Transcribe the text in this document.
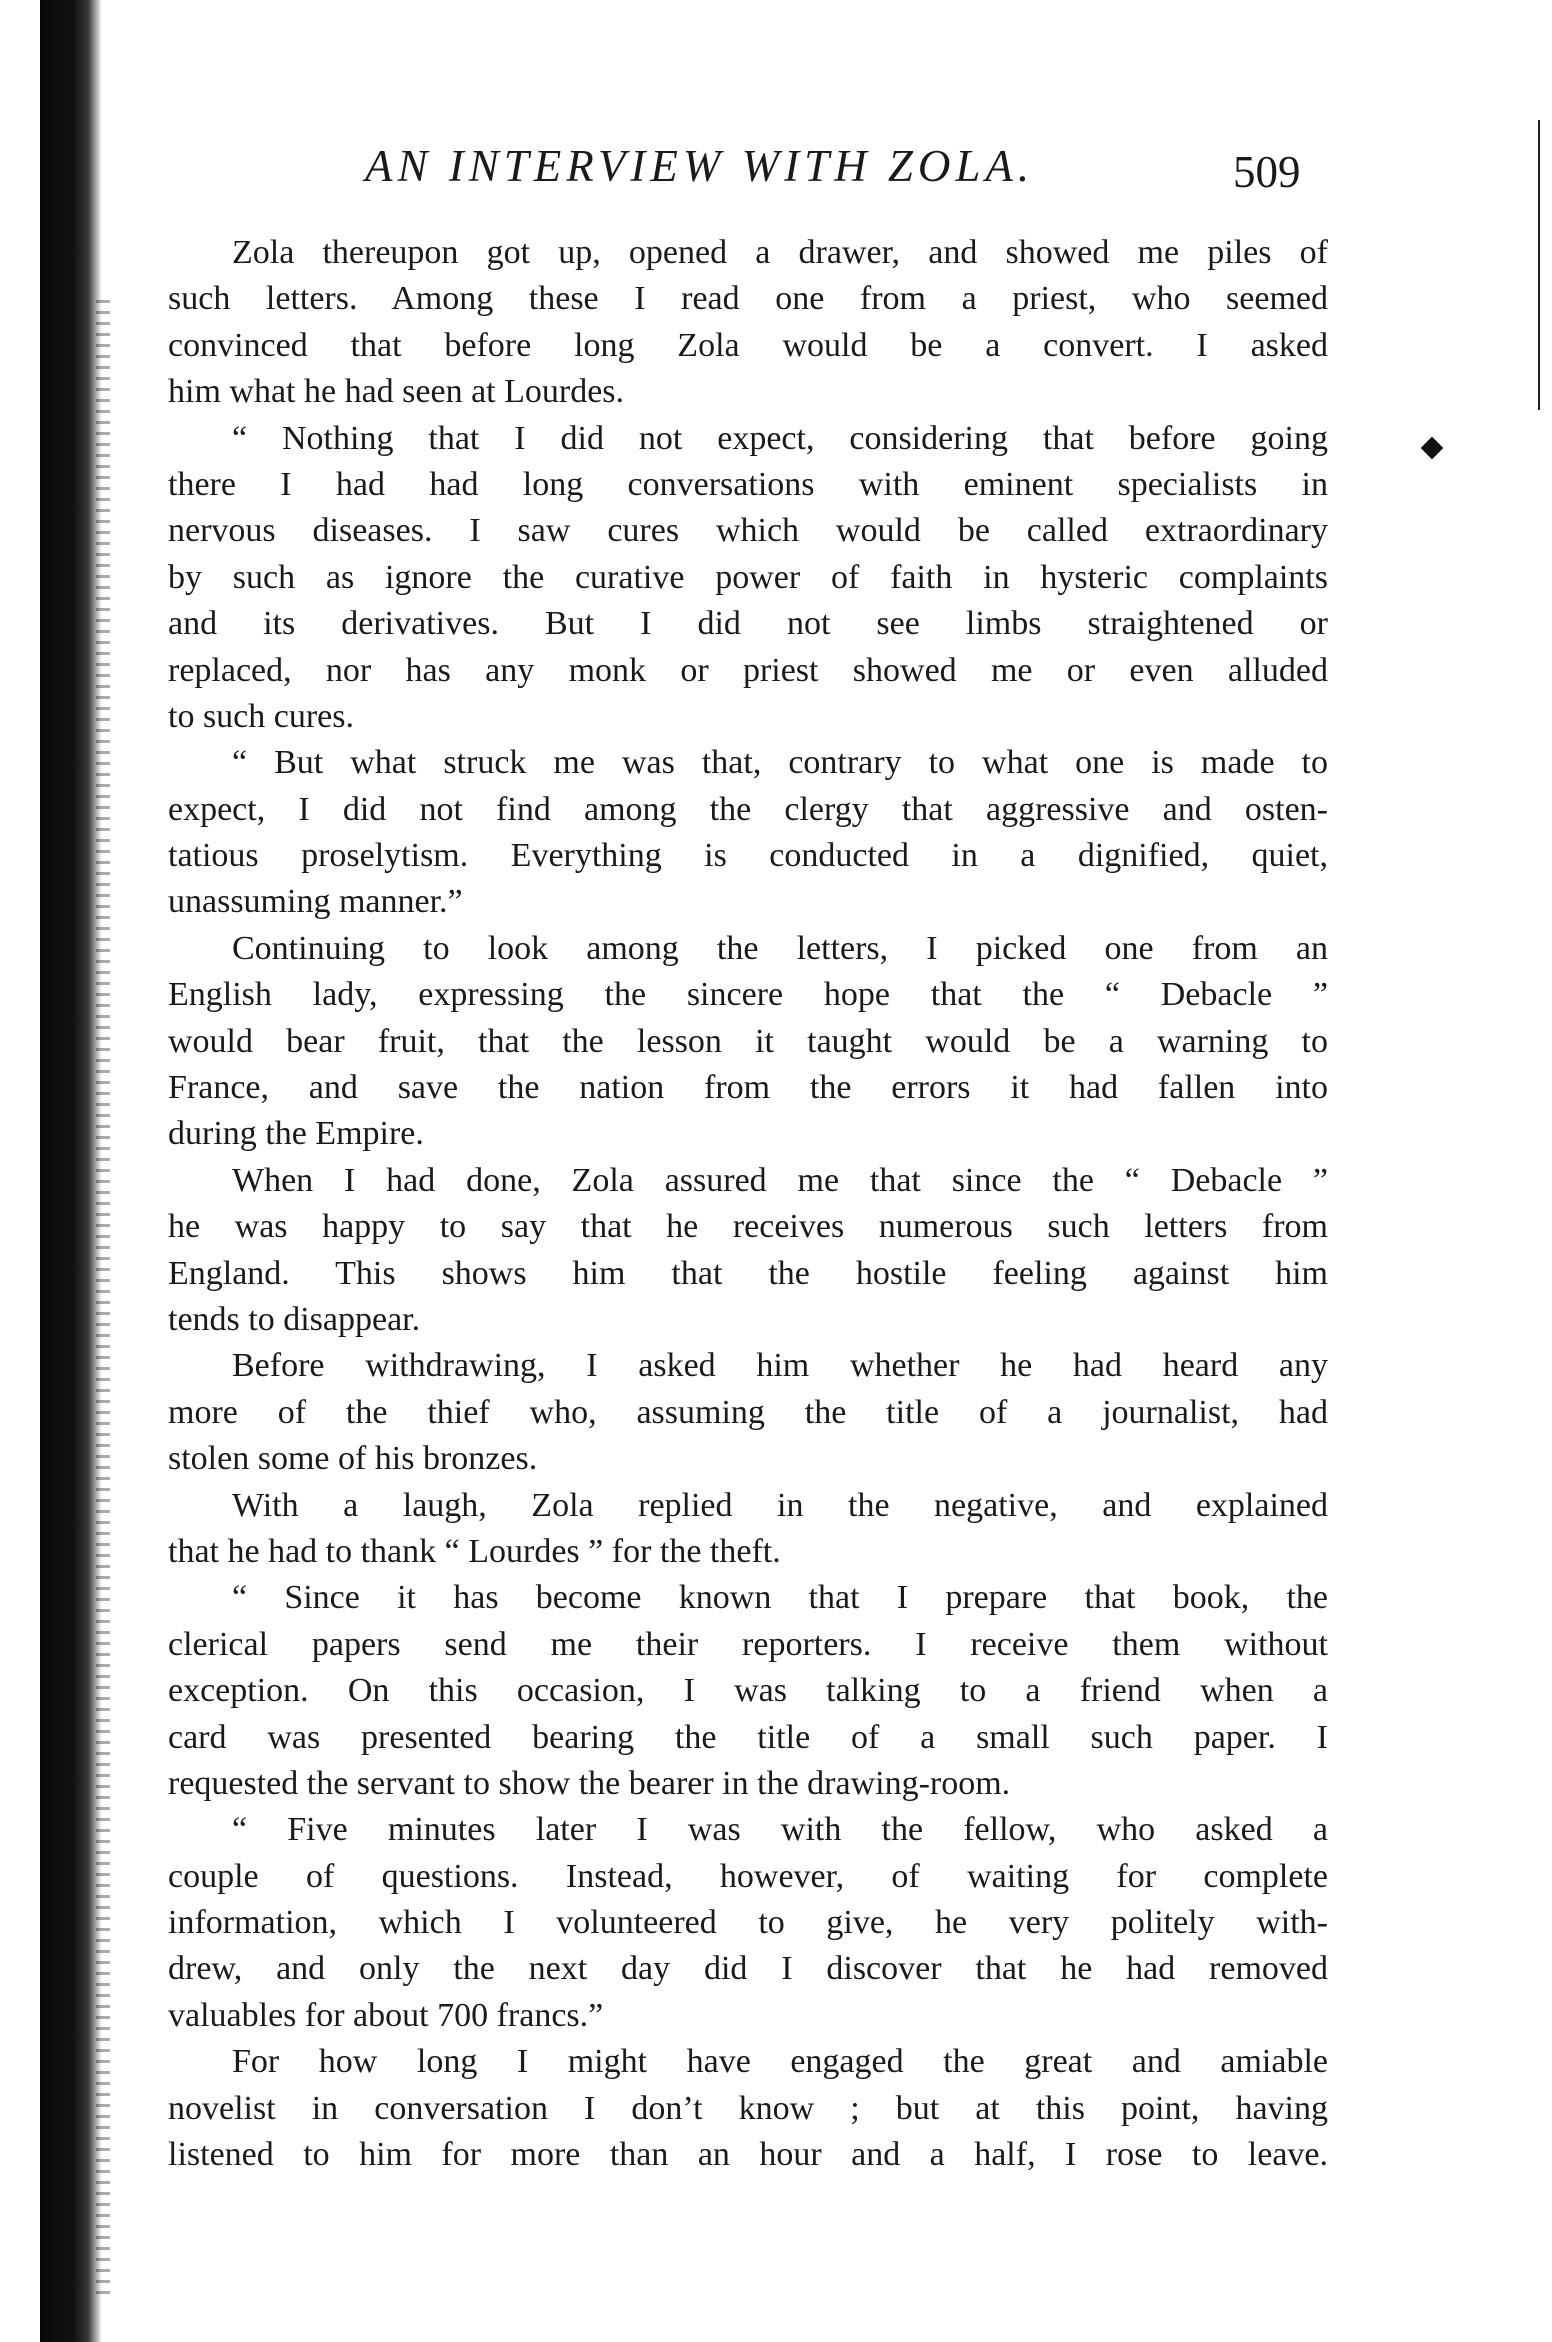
AN INTERVIEW WITH ZOLA.	509
Zola thereupon got up, opened a drawer, and showed me piles of
such letters. Among these I read one from a priest, who seemed
convinced that before long Zola would be a convert. I asked
him what he had seen at Lourdes.
“ Nothing that I did not expect, considering that before going
there I had had long conversations with eminent specialists in
nervous diseases. I saw cures which would be called extraordinary
by such as ignore the curative power of faith in hysteric complaints
and its derivatives. But I did not see limbs straightened or
replaced, nor has any monk or priest showed me or even alluded
to such cures.
“ But what struck me was that, contrary to what one is made to
expect, I did not find among the clergy that aggressive and osten-
tatious proselytism. Everything is conducted in a dignified, quiet,
unassuming manner.”
Continuing to look among the letters, I picked one from an
English lady, expressing the sincere hope that the “ Debacle ”
would bear fruit, that the lesson it taught would be a warning to
France, and save the nation from the errors it had fallen into
during the Empire.
When I had done, Zola assured me that since the “ Debacle ”
he was happy to say that he receives numerous such letters from
England. This shows him that the hostile feeling against him
tends to disappear.
Before withdrawing, I asked him whether he had heard any
more of the thief who, assuming the title of a journalist, had
stolen some of his bronzes.
With a laugh, Zola replied in the negative, and explained
that he had to thank “ Lourdes ” for the theft.
“ Since it has become known that I prepare that book, the
clerical papers send me their reporters. I receive them without
exception. On this occasion, I was talking to a friend when a
card was presented bearing the title of a small such paper. I
requested the servant to show the bearer in the drawing-room.
“ Five minutes later I was with the fellow, who asked a
couple of questions. Instead, however, of waiting for complete
information, which I volunteered to give, he very politely with-
drew, and only the next day did I discover that he had removed
valuables for about 700 francs.”
For how long I might have engaged the great and amiable
novelist in conversation I don’t know ; but at this point, having
listened to him for more than an hour and a half, I rose to leave.
